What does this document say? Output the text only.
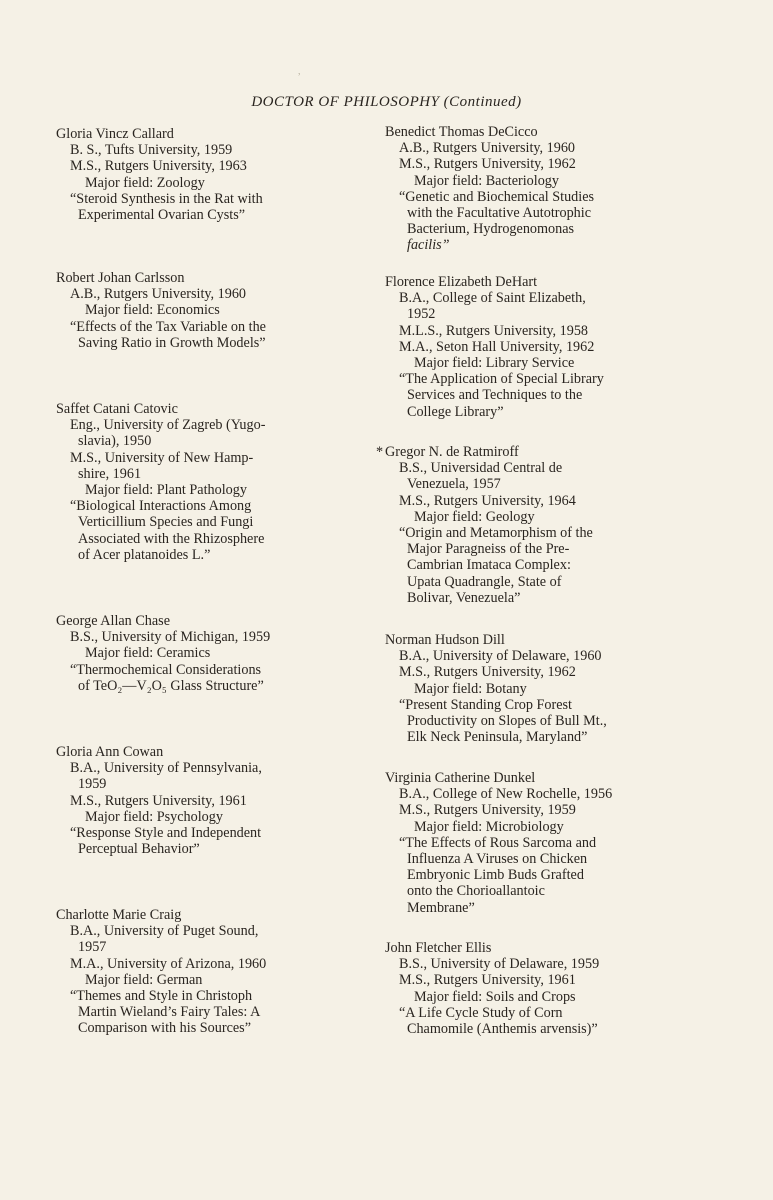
,
DOCTOR OF PHILOSOPHY (Continued)
Gloria Vincz Callard
B. S., Tufts University, 1959
M.S., Rutgers University, 1963
Major field: Zoology
“Steroid Synthesis in the Rat with
Experimental Ovarian Cysts”
Robert Johan Carlsson
A.B., Rutgers University, 1960
Major field: Economics
“Effects of the Tax Variable on the
Saving Ratio in Growth Models”
Saffet Catani Catovic
Eng., University of Zagreb (Yugo-
slavia), 1950
M.S., University of New Hamp-
shire, 1961
Major field: Plant Pathology
“Biological Interactions Among
Verticillium Species and Fungi
Associated with the Rhizosphere
of Acer platanoides L.”
George Allan Chase
B.S., University of Michigan, 1959
Major field: Ceramics
“Thermochemical Considerations
of TeO₂—V₂O₅ Glass Structure”
Gloria Ann Cowan
B.A., University of Pennsylvania,
1959
M.S., Rutgers University, 1961
Major field: Psychology
“Response Style and Independent
Perceptual Behavior”
Charlotte Marie Craig
B.A., University of Puget Sound,
1957
M.A., University of Arizona, 1960
Major field: German
“Themes and Style in Christoph
Martin Wieland’s Fairy Tales: A
Comparison with his Sources”
Benedict Thomas DeCicco
A.B., Rutgers University, 1960
M.S., Rutgers University, 1962
Major field: Bacteriology
“Genetic and Biochemical Studies
with the Facultative Autotrophic
Bacterium, Hydrogenomonas
facilis”
Florence Elizabeth DeHart
B.A., College of Saint Elizabeth,
1952
M.L.S., Rutgers University, 1958
M.A., Seton Hall University, 1962
Major field: Library Service
“The Application of Special Library
Services and Techniques to the
College Library”
* Gregor N. de Ratmiroff
B.S., Universidad Central de
Venezuela, 1957
M.S., Rutgers University, 1964
Major field: Geology
“Origin and Metamorphism of the
Major Paragneiss of the Pre-
Cambrian Imataca Complex:
Upata Quadrangle, State of
Bolivar, Venezuela”
Norman Hudson Dill
B.A., University of Delaware, 1960
M.S., Rutgers University, 1962
Major field: Botany
“Present Standing Crop Forest
Productivity on Slopes of Bull Mt.,
Elk Neck Peninsula, Maryland”
Virginia Catherine Dunkel
B.A., College of New Rochelle, 1956
M.S., Rutgers University, 1959
Major field: Microbiology
“The Effects of Rous Sarcoma and
Influenza A Viruses on Chicken
Embryonic Limb Buds Grafted
onto the Chorioallantoic
Membrane”
John Fletcher Ellis
B.S., University of Delaware, 1959
M.S., Rutgers University, 1961
Major field: Soils and Crops
“A Life Cycle Study of Corn
Chamomile (Anthemis arvensis)”
